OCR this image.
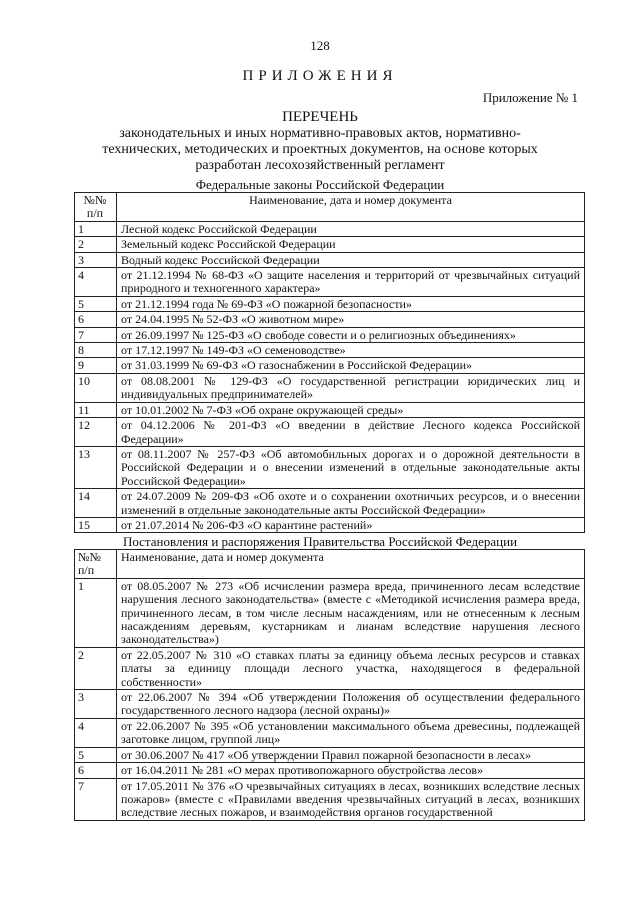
128
ПРИЛОЖЕНИЯ
Приложение № 1
ПЕРЕЧЕНЬ
законодательных и иных нормативно-правовых актов, нормативно-технических, методических и проектных документов, на основе которых разработан лесохозяйственный регламент
Федеральные законы Российской Федерации
№№ п/п	Наименование, дата и номер документа
1	Лесной кодекс Российской Федерации
2	Земельный кодекс Российской Федерации
3	Водный кодекс Российской Федерации
4	от 21.12.1994 № 68-ФЗ «О защите населения и территорий от чрезвычайных ситуаций природного и техногенного характера»
5	от 21.12.1994 года № 69-ФЗ «О пожарной безопасности»
6	от 24.04.1995 № 52-ФЗ «О животном мире»
7	от 26.09.1997 № 125-ФЗ «О свободе совести и о религиозных объединениях»
8	от 17.12.1997 № 149-ФЗ «О семеноводстве»
9	от 31.03.1999 № 69-ФЗ «О газоснабжении в Российской Федерации»
10	от 08.08.2001 № 129-ФЗ «О государственной регистрации юридических лиц и индивидуальных предпринимателей»
11	от 10.01.2002 № 7-ФЗ «Об охране окружающей среды»
12	от 04.12.2006 № 201-ФЗ «О введении в действие Лесного кодекса Российской Федерации»
13	от 08.11.2007 № 257-ФЗ «Об автомобильных дорогах и о дорожной деятельности в Российской Федерации и о внесении изменений в отдельные законодательные акты Российской Федерации»
14	от 24.07.2009 № 209-ФЗ «Об охоте и о сохранении охотничьих ресурсов, и о внесении изменений в отдельные законодательные акты Российской Федерации»
15	от 21.07.2014 № 206-ФЗ «О карантине растений»
Постановления и распоряжения Правительства Российской Федерации
№№ п/п	Наименование, дата и номер документа
1	от 08.05.2007 № 273 «Об исчислении размера вреда, причиненного лесам вследствие нарушения лесного законодательства» (вместе с «Методикой исчисления размера вреда, причиненного лесам, в том числе лесным насаждениям, или не отнесенным к лесным насаждениям деревьям, кустарникам и лианам вследствие нарушения лесного законодательства»)
2	от 22.05.2007 № 310 «О ставках платы за единицу объема лесных ресурсов и ставках платы за единицу площади лесного участка, находящегося в федеральной собственности»
3	от 22.06.2007 № 394 «Об утверждении Положения об осуществлении федерального государственного лесного надзора (лесной охраны)»
4	от 22.06.2007 № 395 «Об установлении максимального объема древесины, подлежащей заготовке лицом, группой лиц»
5	от 30.06.2007 № 417 «Об утверждении Правил пожарной безопасности в лесах»
6	от 16.04.2011 № 281 «О мерах противопожарного обустройства лесов»
7	от 17.05.2011 № 376 «О чрезвычайных ситуациях в лесах, возникших вследствие лесных пожаров» (вместе с «Правилами введения чрезвычайных ситуаций в лесах, возникших вследствие лесных пожаров, и взаимодействия органов государственной
